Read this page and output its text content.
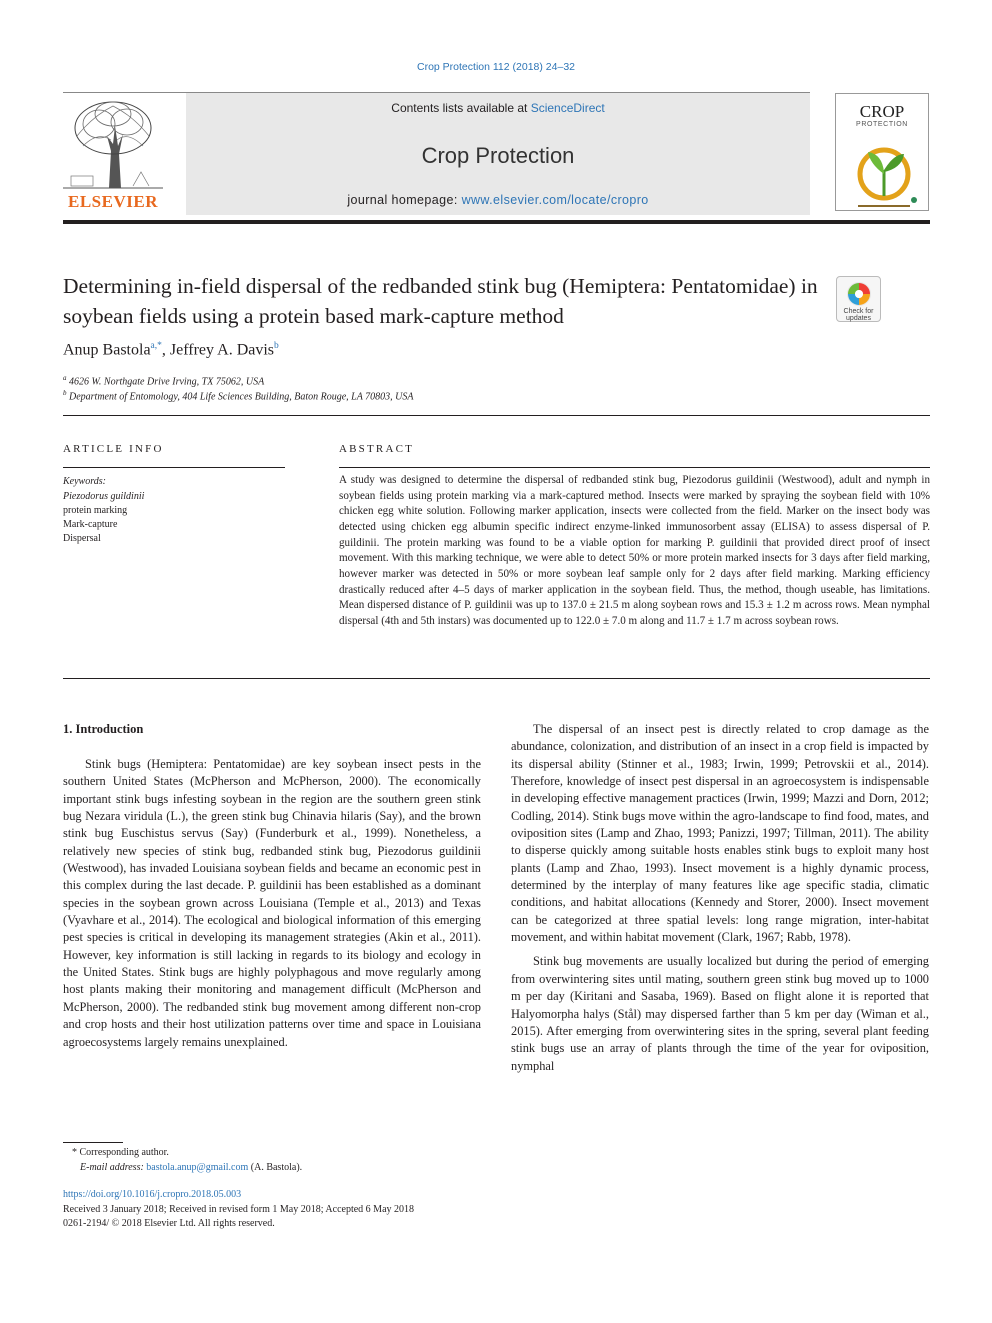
Crop Protection 112 (2018) 24–32
ELSEVIER
Contents lists available at ScienceDirect
Crop Protection
journal homepage: www.elsevier.com/locate/cropro
CROP
PROTECTION
Determining in-field dispersal of the redbanded stink bug (Hemiptera: Pentatomidae) in soybean fields using a protein based mark-capture method	Check for updates
Anup Bastola$^{a,*}$, Jeffrey A. Davis$^b$
$^a$ 4626 W. Northgate Drive Irving, TX 75062, USA
$^b$ Department of Entomology, 404 Life Sciences Building, Baton Rouge, LA 70803, USA
ARTICLE INFO
Keywords:
Piezodorus guildinii
protein marking
Mark-capture
Dispersal
ABSTRACT

A study was designed to determine the dispersal of redbanded stink bug, Piezodorus guildinii (Westwood), adult and nymph in soybean fields using protein marking via a mark-captured method. Insects were marked by spraying the soybean field with 10% chicken egg white solution. Following marker application, insects were collected from the field. Marker on the insect body was detected using chicken egg albumin specific indirect enzyme-linked immunosorbent assay (ELISA) to assess dispersal of P. guildinii. The protein marking was found to be a viable option for marking P. guildinii that provided direct proof of insect movement. With this marking technique, we were able to detect 50% or more protein marked insects for 3 days after field marking, however marker was detected in 50% or more soybean leaf sample only for 2 days after field marking. Marking efficiency drastically reduced after 4–5 days of marker application in the soybean field. Thus, the method, though useable, has limitations. Mean dispersed distance of P. guildinii was up to 137.0 ± 21.5 m along soybean rows and 15.3 ± 1.2 m across rows. Mean nymphal dispersal (4th and 5th instars) was documented up to 122.0 ± 7.0 m along and 11.7 ± 1.7 m across soybean rows.

1. Introduction

Stink bugs (Hemiptera: Pentatomidae) are key soybean insect pests in the southern United States (McPherson and McPherson, 2000). The economically important stink bugs infesting soybean in the region are the southern green stink bug Nezara viridula (L.), the green stink bug Chinavia hilaris (Say), and the brown stink bug Euschistus servus (Say) (Funderburk et al., 1999). Nonetheless, a relatively new species of stink bug, redbanded stink bug, Piezodorus guildinii (Westwood), has invaded Louisiana soybean fields and became an economic pest in this complex during the last decade. P. guildinii has been established as a dominant species in the soybean grown across Louisiana (Temple et al., 2013) and Texas (Vyavhare et al., 2014). The ecological and biological information of this emerging pest species is critical in developing its management strategies (Akin et al., 2011). However, key information is still lacking in regards to its biology and ecology in the United States. Stink bugs are highly polyphagous and move regularly among host plants making their monitoring and management difficult (McPherson and McPherson, 2000). The redbanded stink bug movement among different non-crop and crop hosts and their host utilization patterns over time and space in Louisiana agroecosystems largely remains unexplained.

The dispersal of an insect pest is directly related to crop damage as the abundance, colonization, and distribution of an insect in a crop field is impacted by its dispersal ability (Stinner et al., 1983; Irwin, 1999; Petrovskii et al., 2014). Therefore, knowledge of insect pest dispersal in an agroecosystem is indispensable in developing effective management practices (Irwin, 1999; Mazzi and Dorn, 2012; Codling, 2014). Stink bugs move within the agro-landscape to find food, mates, and oviposition sites (Lamp and Zhao, 1993; Panizzi, 1997; Tillman, 2011). The ability to disperse quickly among suitable hosts enables stink bugs to exploit many host plants (Lamp and Zhao, 1993). Insect movement is a highly dynamic process, determined by the interplay of many features like age specific stadia, climatic conditions, and habitat allocations (Kennedy and Storer, 2000). Insect movement can be categorized at three spatial levels: long range migration, inter-habitat movement, and within habitat movement (Clark, 1967; Rabb, 1978).

Stink bug movements are usually localized but during the period of emerging from overwintering sites until mating, southern green stink bug moved up to 1000 m per day (Kiritani and Sasaba, 1969). Based on flight alone it is reported that Halyomorpha halys (Stål) may dispersed farther than 5 km per day (Wiman et al., 2015). After emerging from overwintering sites in the spring, several plant feeding stink bugs use an array of plants through the time of the year for oviposition, nymphal

* Corresponding author.
E-mail address: bastola.anup@gmail.com (A. Bastola).
https://doi.org/10.1016/j.cropro.2018.05.003
Received 3 January 2018; Received in revised form 1 May 2018; Accepted 6 May 2018
0261-2194/ © 2018 Elsevier Ltd. All rights reserved.
